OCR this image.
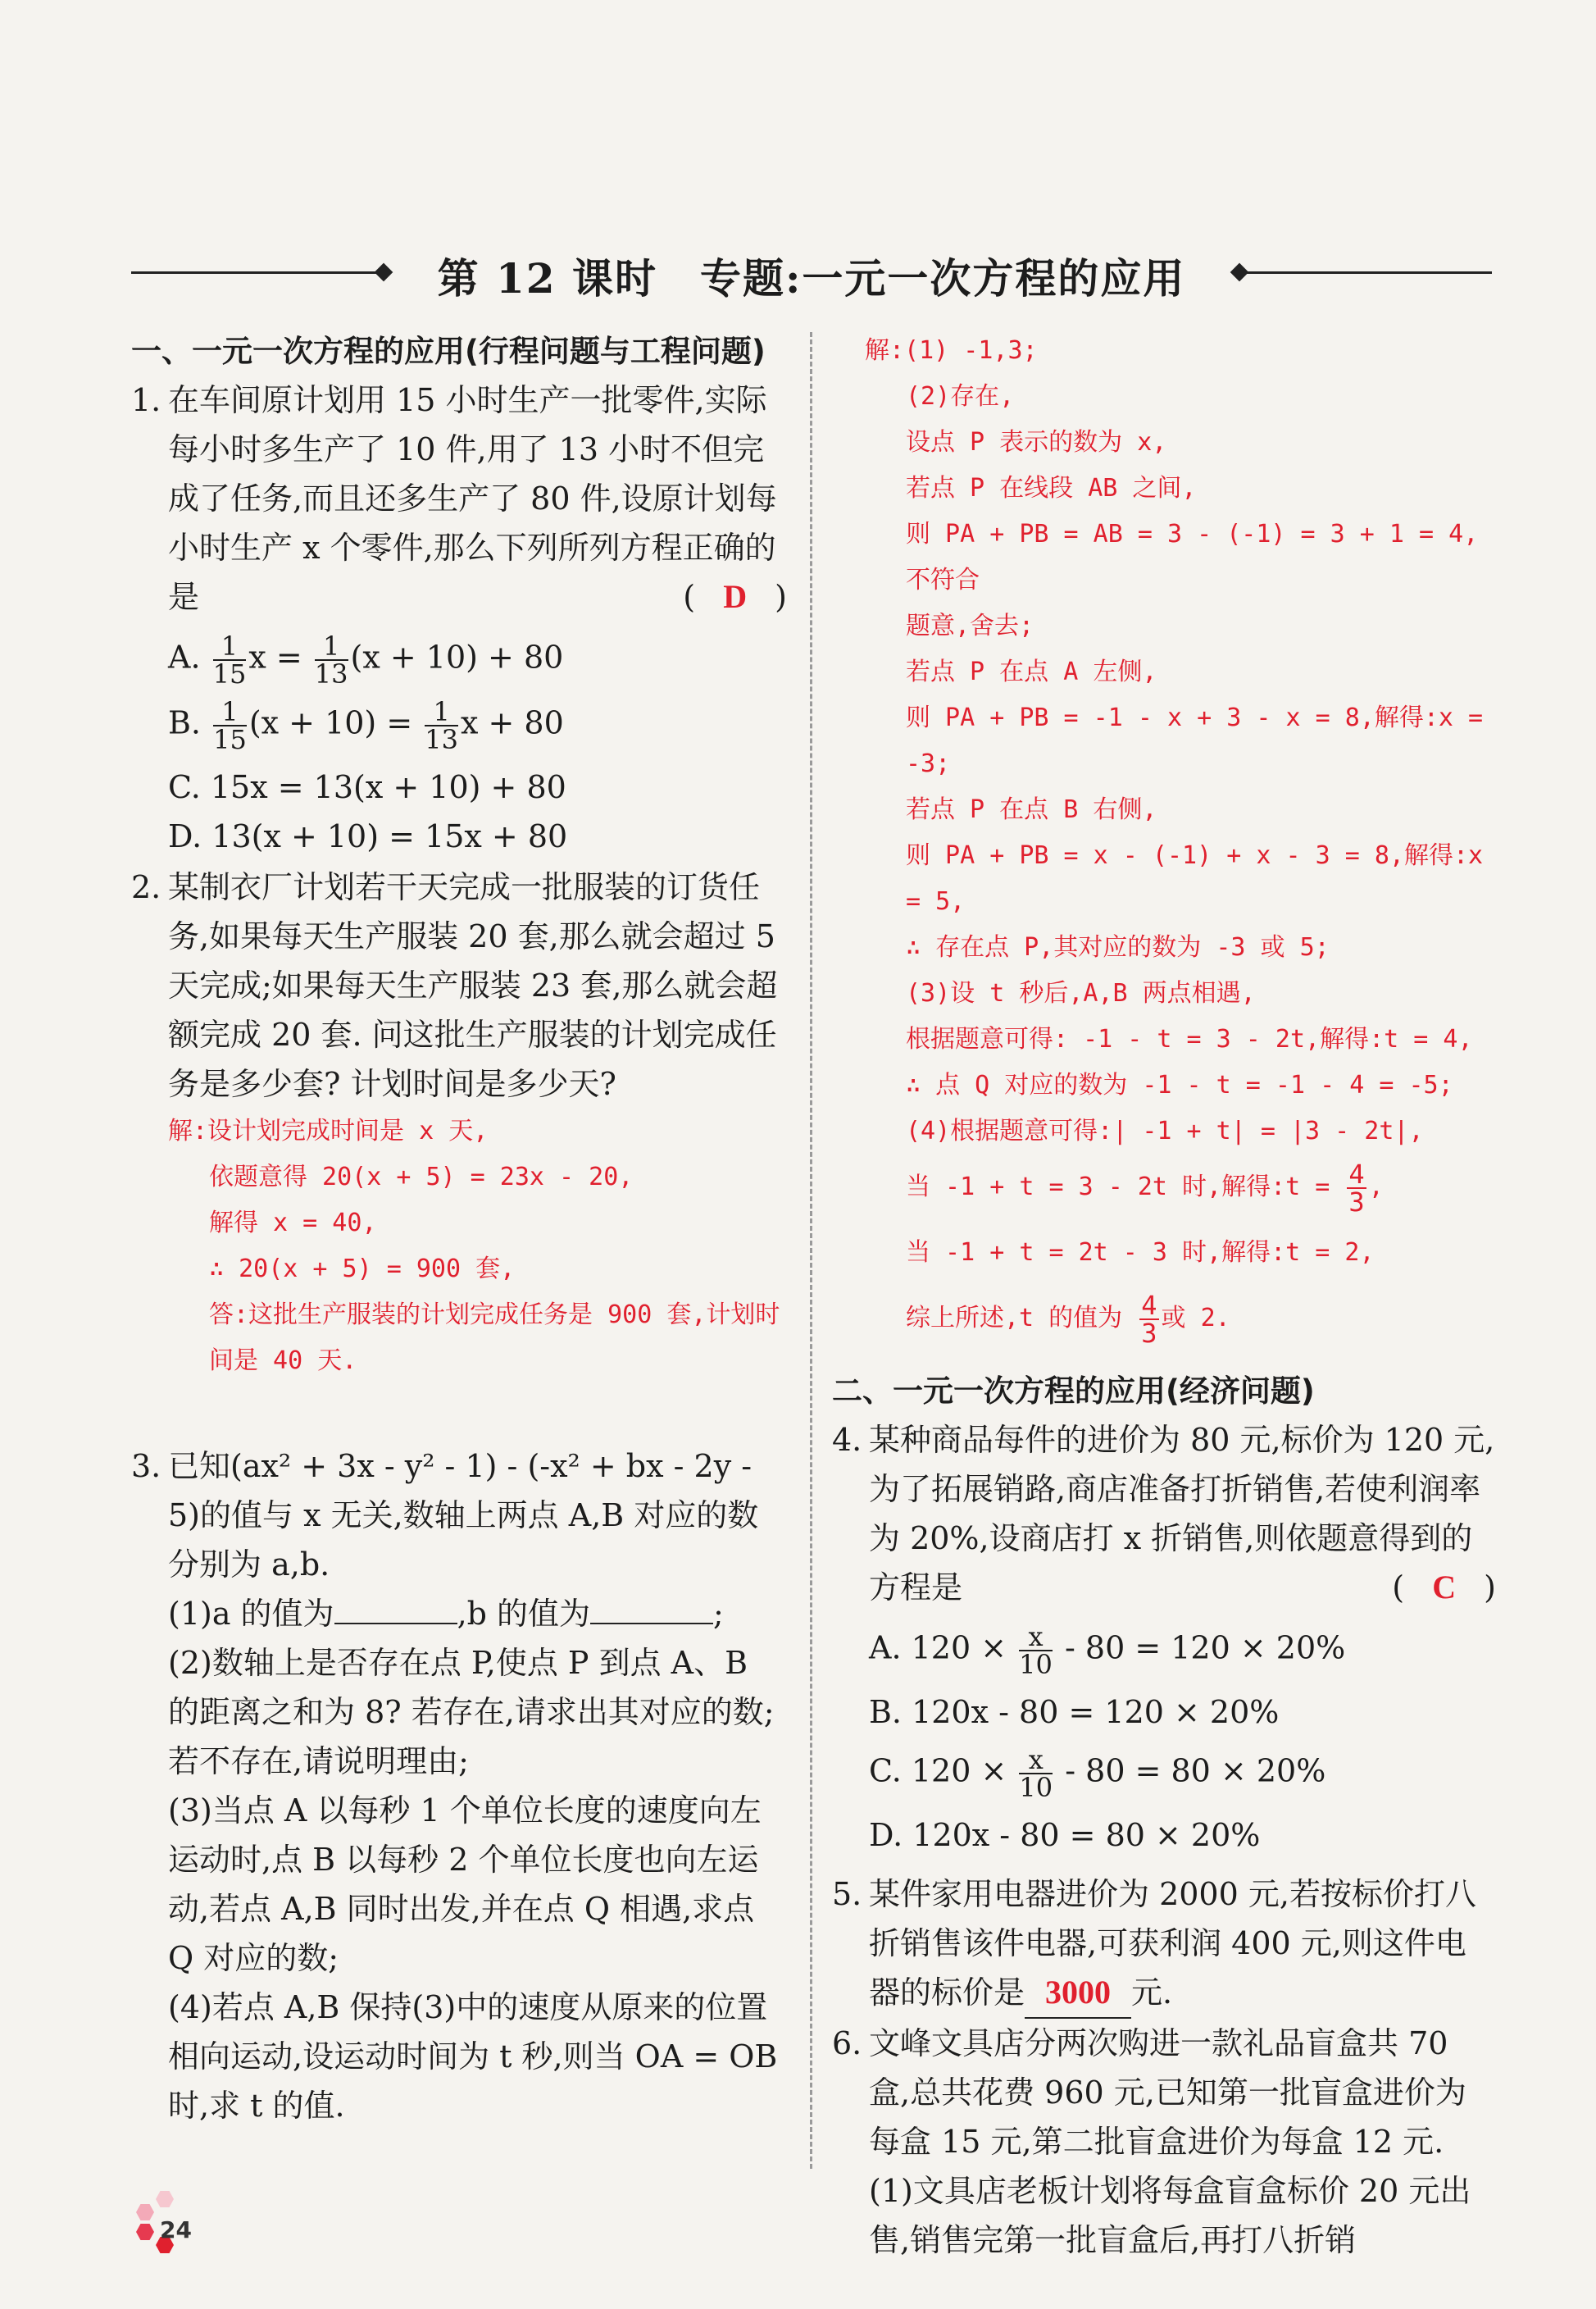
第 12 课时　专题:一元一次方程的应用
一、一元一次方程的应用(行程问题与工程问题)
1. 在车间原计划用 15 小时生产一批零件,实际每小时多生产了 10 件,用了 13 小时不但完成了任务,而且还多生产了 80 件,设原计划每小时生产 x 个零件,那么下列所列方程正确的是	( D )
A. $\frac{1}{15}$ $x = \frac{1}{13} (x + 10) + 80$
B. $\frac{1}{15} (x + 10) = \frac{1}{13}$ x + 80
C. 15x = 13(x + 10) + 80
D. 13(x + 10) = 15x + 80
2. 某制衣厂计划若干天完成一批服装的订货任务,如果每天生产服装 20 套,那么就会超过 5 天完成;如果每天生产服装 23 套,那么就会超额完成 20 套. 问这批生产服装的计划完成任务是多少套? 计划时间是多少天?
解:设计划完成时间是 x 天,
依题意得 20(x + 5) = 23x - 20,
解得 x = 40,
∴ 20(x + 5) = 900 套,
答:这批生产服装的计划完成任务是 900 套,计划时间是 40 天.
3. 已知(ax² + 3x - y² - 1) - (-x² + bx - 2y - 5)的值与 x 无关,数轴上两点 A,B 对应的数分别为 a,b.
(1)a 的值为	,b 的值为	;
(2)数轴上是否存在点 P,使点 P 到点 A、B 的距离之和为 8? 若存在,请求出其对应的数;若不存在,请说明理由;
(3)当点 A 以每秒 1 个单位长度的速度向左运动时,点 B 以每秒 2 个单位长度也向左运动,若点 A,B 同时出发,并在点 Q 相遇,求点 Q 对应的数;
(4)若点 A,B 保持(3)中的速度从原来的位置相向运动,设运动时间为 t 秒,则当 OA = OB 时,求 t 的值.
解:(1) -1,3;
(2)存在,
设点 P 表示的数为 x,
若点 P 在线段 AB 之间,
则 PA + PB = AB = 3 - (-1) = 3 + 1 = 4,不符合
题意,舍去;
若点 P 在点 A 左侧,
则 PA + PB = -1 - x + 3 - x = 8,解得:x = -3;
若点 P 在点 B 右侧,
则 PA + PB = x - (-1) + x - 3 = 8,解得:x = 5,
∴ 存在点 P,其对应的数为 -3 或 5;
(3)设 t 秒后,A,B 两点相遇,
根据题意可得: -1 - t = 3 - 2t,解得:t = 4,
∴ 点 Q 对应的数为 -1 - t = -1 - 4 = -5;
(4)根据题意可得:| -1 + t| = |3 - 2t|,
当 -1 + t = 3 - 2t 时,解得:t = $\frac{4}{3}$ ,
当 -1 + t = 2t - 3 时,解得:t = 2,
综上所述,t 的值为 $\frac{4}{3}$ 或 2.
二、一元一次方程的应用(经济问题)
4. 某种商品每件的进价为 80 元,标价为 120 元,为了拓展销路,商店准备打折销售,若使利润率为 20%,设商店打 x 折销售,则依题意得到的方程是	( C )
A. $120 \times \frac{x}{10} - 80 = 120 \times 20\%$
B. 120x - 80 = 120 × 20%
C. $120 \times \frac{x}{10} - 80 = 80 \times 20\%$
D. 120x - 80 = 80 × 20%
5. 某件家用电器进价为 2000 元,若按标价打八折销售该件电器,可获利润 400 元,则这件电器的标价是 3000 元.
6. 文峰文具店分两次购进一款礼品盲盒共 70 盒,总共花费 960 元,已知第一批盲盒进价为每盒 15 元,第二批盲盒进价为每盒 12 元.
(1)文具店老板计划将每盒盲盒标价 20 元出售,销售完第一批盲盒后,再打八折销
24
